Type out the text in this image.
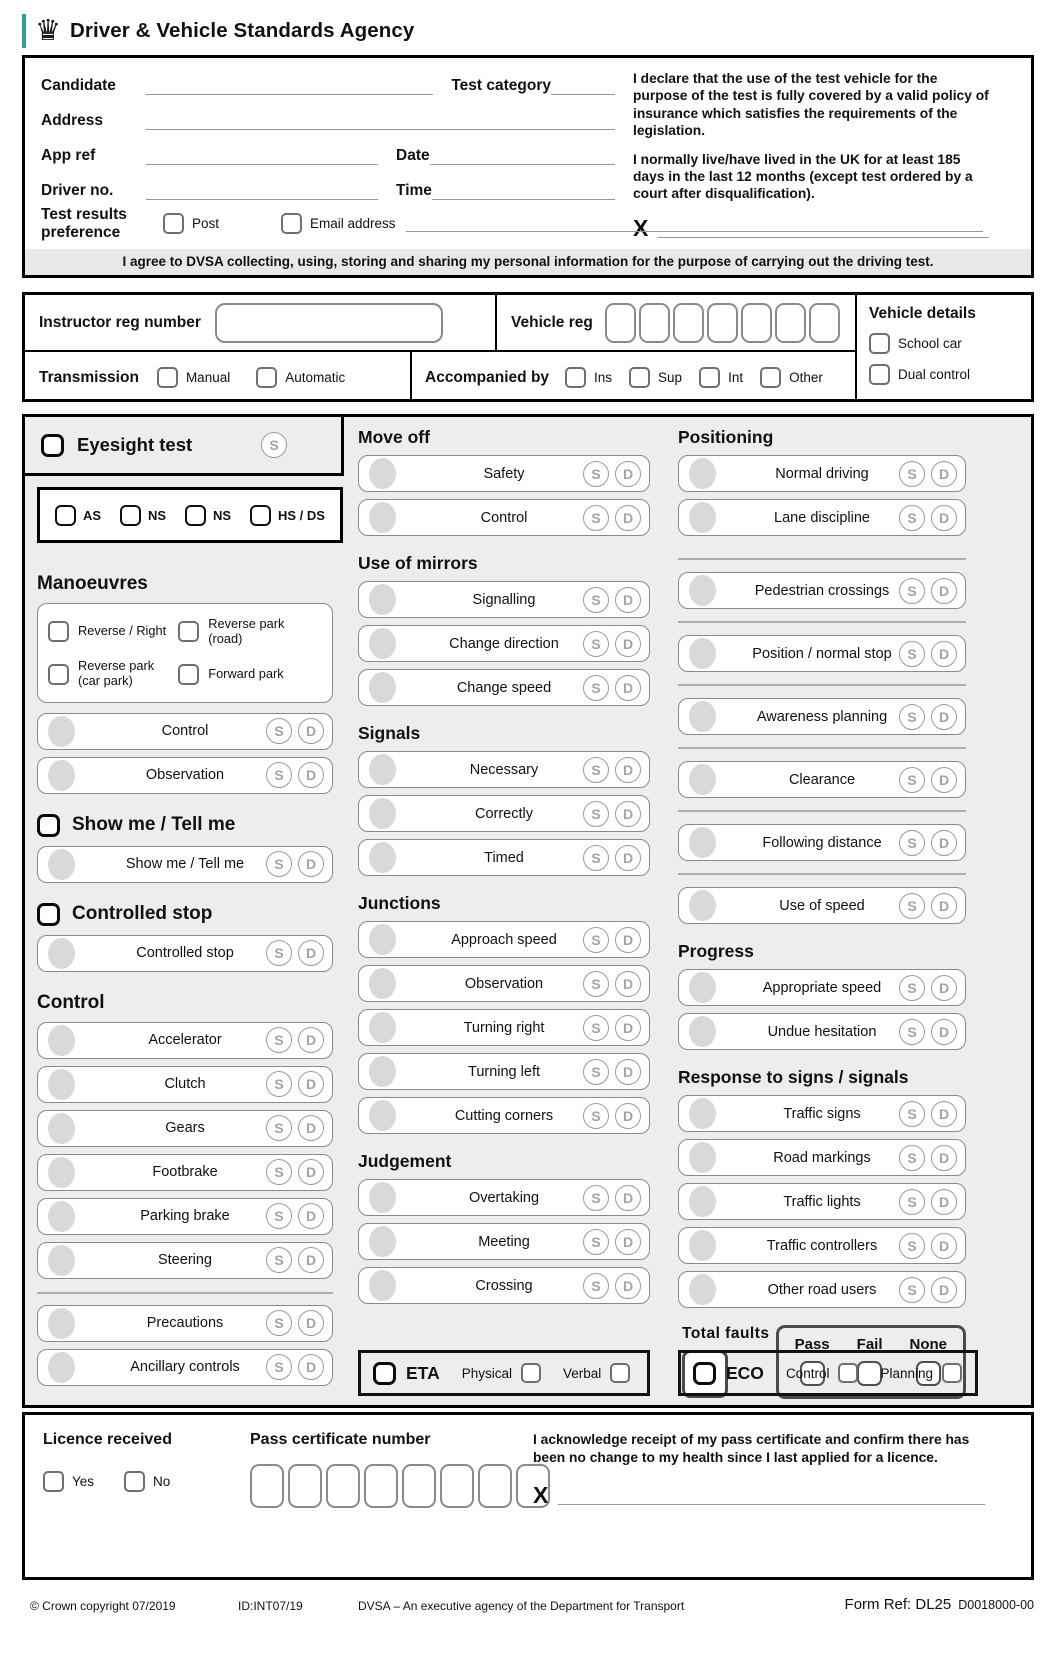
♛ Driver & Vehicle Standards Agency
Candidate	Test category
Address
App ref	Date
Driver no.	Time

I declare that the use of the test vehicle for the purpose of the test is fully covered by a valid policy of insurance which satisfies the requirements of the legislation.

I normally live/have lived in the UK for at least 185 days in the last 12 months (except test ordered by a court after disqualification).

X
Test results preference	Post	Email address
I agree to DVSA collecting, using, storing and sharing my personal information for the purpose of carrying out the driving test.
Instructor reg number	Vehicle reg
Transmission	Manual	Automatic	Accompanied by	Ins	Sup	Int	Other
Vehicle details
School car
Dual control
Eyesight test	S
AS	NS	NS	HS / DS
Manoeuvres
Reverse / Right	Reverse park (road)
Reverse park (car park)	Forward park
Control	S	D
Observation	S	D
Show me / Tell me
Show me / Tell me	S	D
Controlled stop
Controlled stop	S	D
Control
Accelerator	S	D
Clutch	S	D
Gears	S	D
Footbrake	S	D
Parking brake	S	D
Steering	S	D
Precautions	S	D
Ancillary controls	S	D
Move off
Safety	S	D
Control	S	D
Use of mirrors
Signalling	S	D
Change direction	S	D
Change speed	S	D
Signals
Necessary	S	D
Correctly	S	D
Timed	S	D
Junctions
Approach speed	S	D
Observation	S	D
Turning right	S	D
Turning left	S	D
Cutting corners	S	D
Judgement
Overtaking	S	D
Meeting	S	D
Crossing	S	D
Positioning
Normal driving	S	D
Lane discipline	S	D
Pedestrian crossings	S	D
Position / normal stop	S	D
Awareness planning	S	D
Clearance	S	D
Following distance	S	D
Use of speed	S	D
Progress
Appropriate speed	S	D
Undue hesitation	S	D
Response to signs / signals
Traffic signs	S	D
Road markings	S	D
Traffic lights	S	D
Traffic controllers	S	D
Other road users	S	D
Total faults
Pass Fail None
ETA Physical	Verbal	ECO Control	Planning
Licence received
Yes	No
Pass certificate number	I acknowledge receipt of my pass certificate and confirm there has been no change to my health since I last applied for a licence.

X
© Crown copyright 07/2019	ID:INT07/19	DVSA – An executive agency of the Department for Transport	Form Ref: DL25 D0018000-00
